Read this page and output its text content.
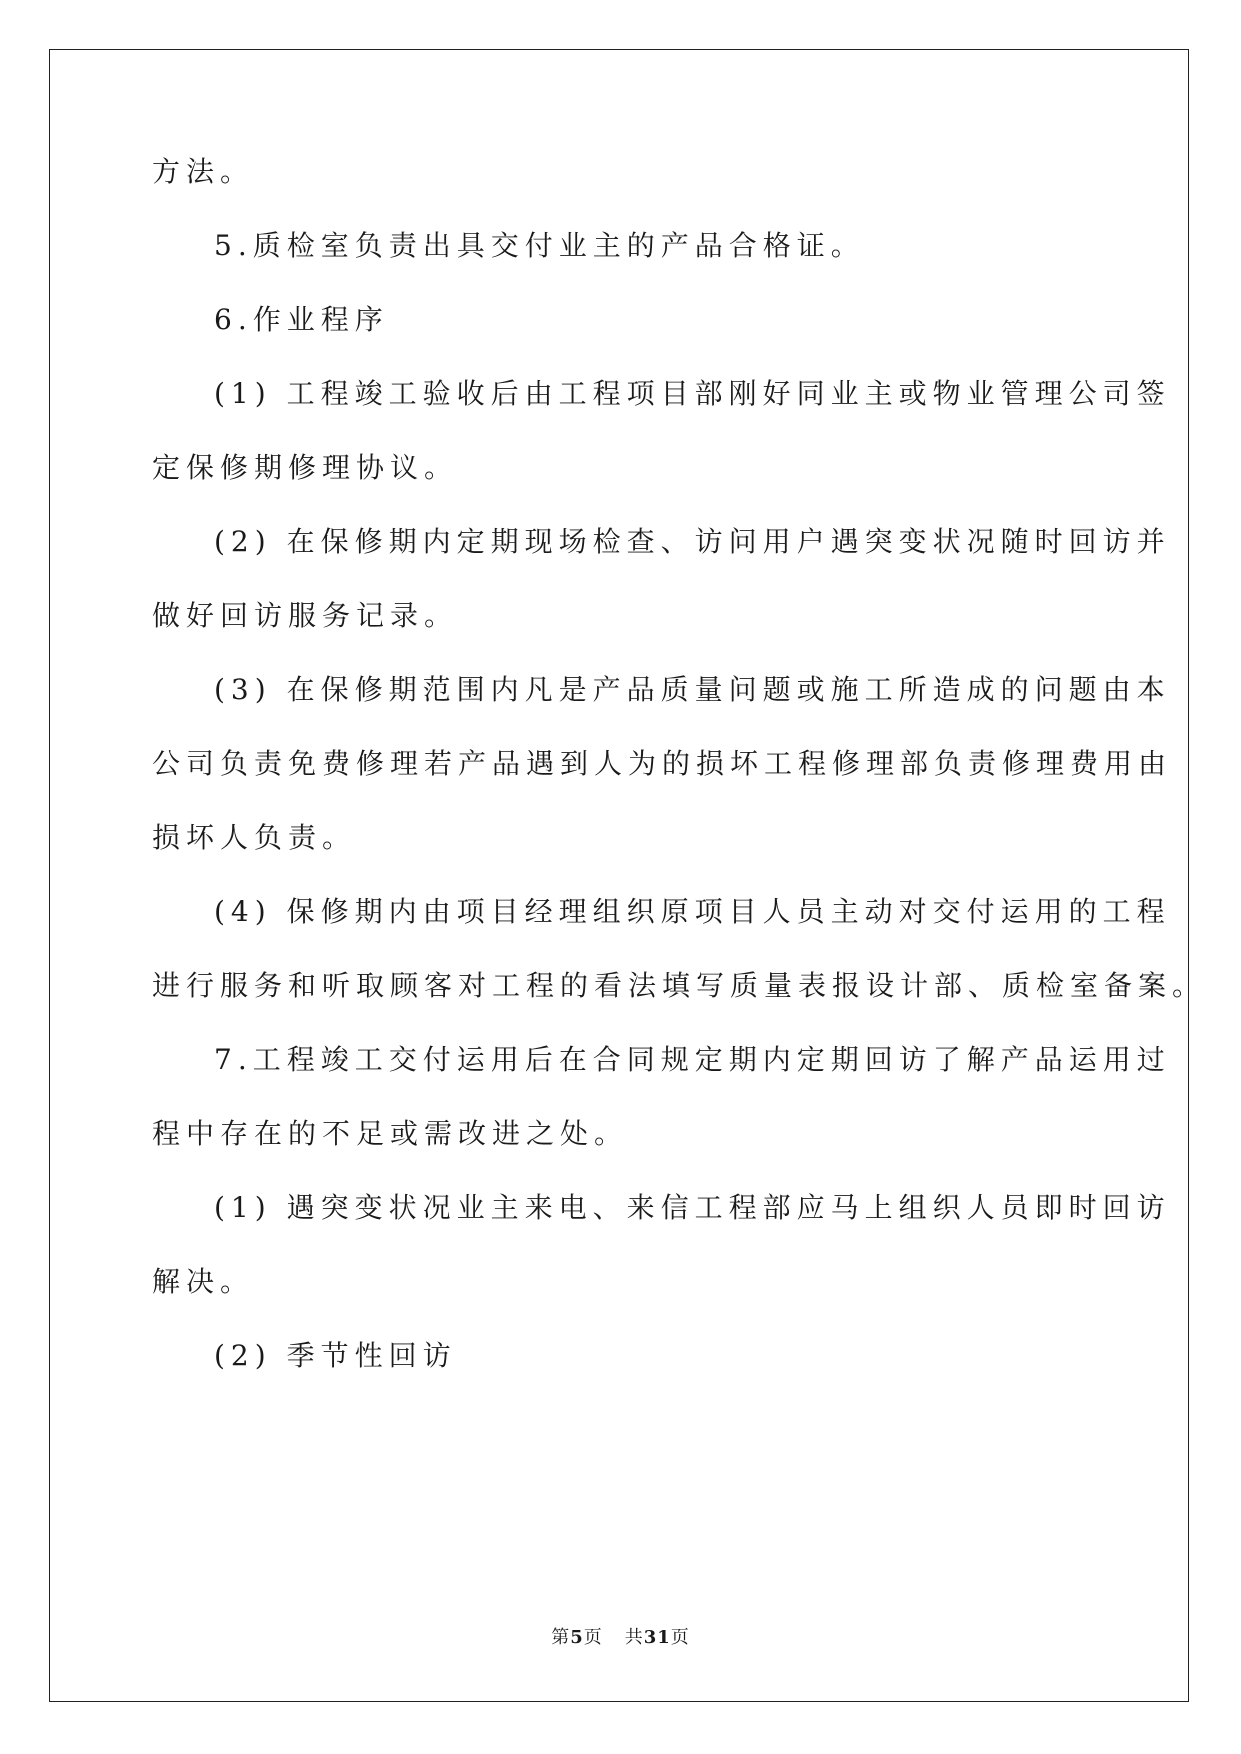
方法。
5.质检室负责出具交付业主的产品合格证。
6.作业程序
(1) 工程竣工验收后由工程项目部刚好同业主或物业管理公司签
定保修期修理协议。
(2) 在保修期内定期现场检查、访问用户遇突变状况随时回访并
做好回访服务记录。
(3) 在保修期范围内凡是产品质量问题或施工所造成的问题由本
公司负责免费修理若产品遇到人为的损坏工程修理部负责修理费用由
损坏人负责。
(4) 保修期内由项目经理组织原项目人员主动对交付运用的工程
进行服务和听取顾客对工程的看法填写质量表报设计部、质检室备案。
7.工程竣工交付运用后在合同规定期内定期回访了解产品运用过
程中存在的不足或需改进之处。
(1) 遇突变状况业主来电、来信工程部应马上组织人员即时回访
解决。
(2) 季节性回访
第5页 共31页
